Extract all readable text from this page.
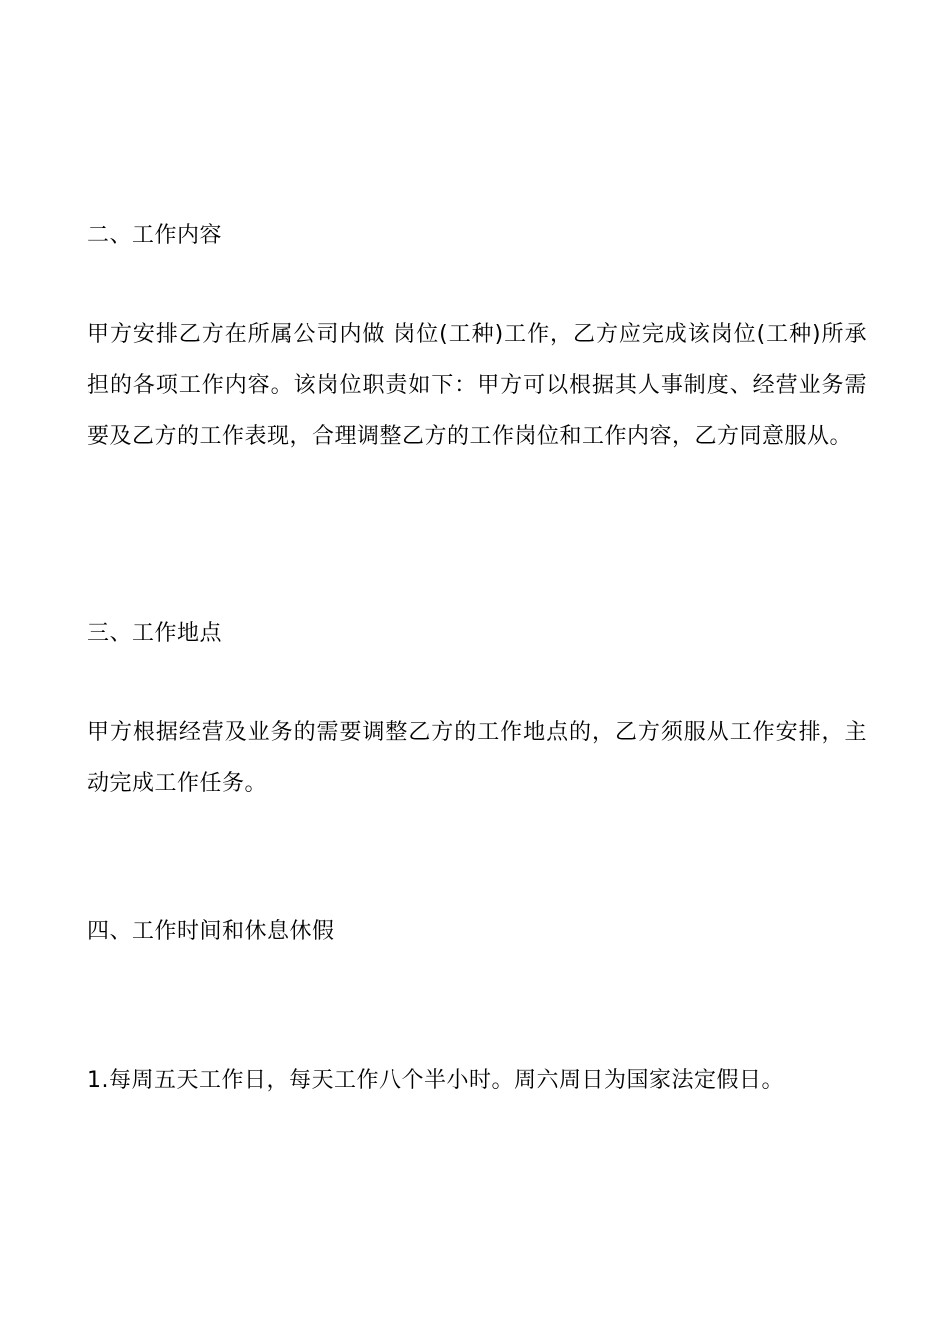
二、工作内容
甲方安排乙方在所属公司内做 岗位(工种)工作，乙方应完成该岗位(工种)所承担的各项工作内容。该岗位职责如下：甲方可以根据其人事制度、经营业务需要及乙方的工作表现，合理调整乙方的工作岗位和工作内容，乙方同意服从。
三、工作地点
甲方根据经营及业务的需要调整乙方的工作地点的，乙方须服从工作安排，主动完成工作任务。
四、工作时间和休息休假
1.每周五天工作日，每天工作八个半小时。周六周日为国家法定假日。
